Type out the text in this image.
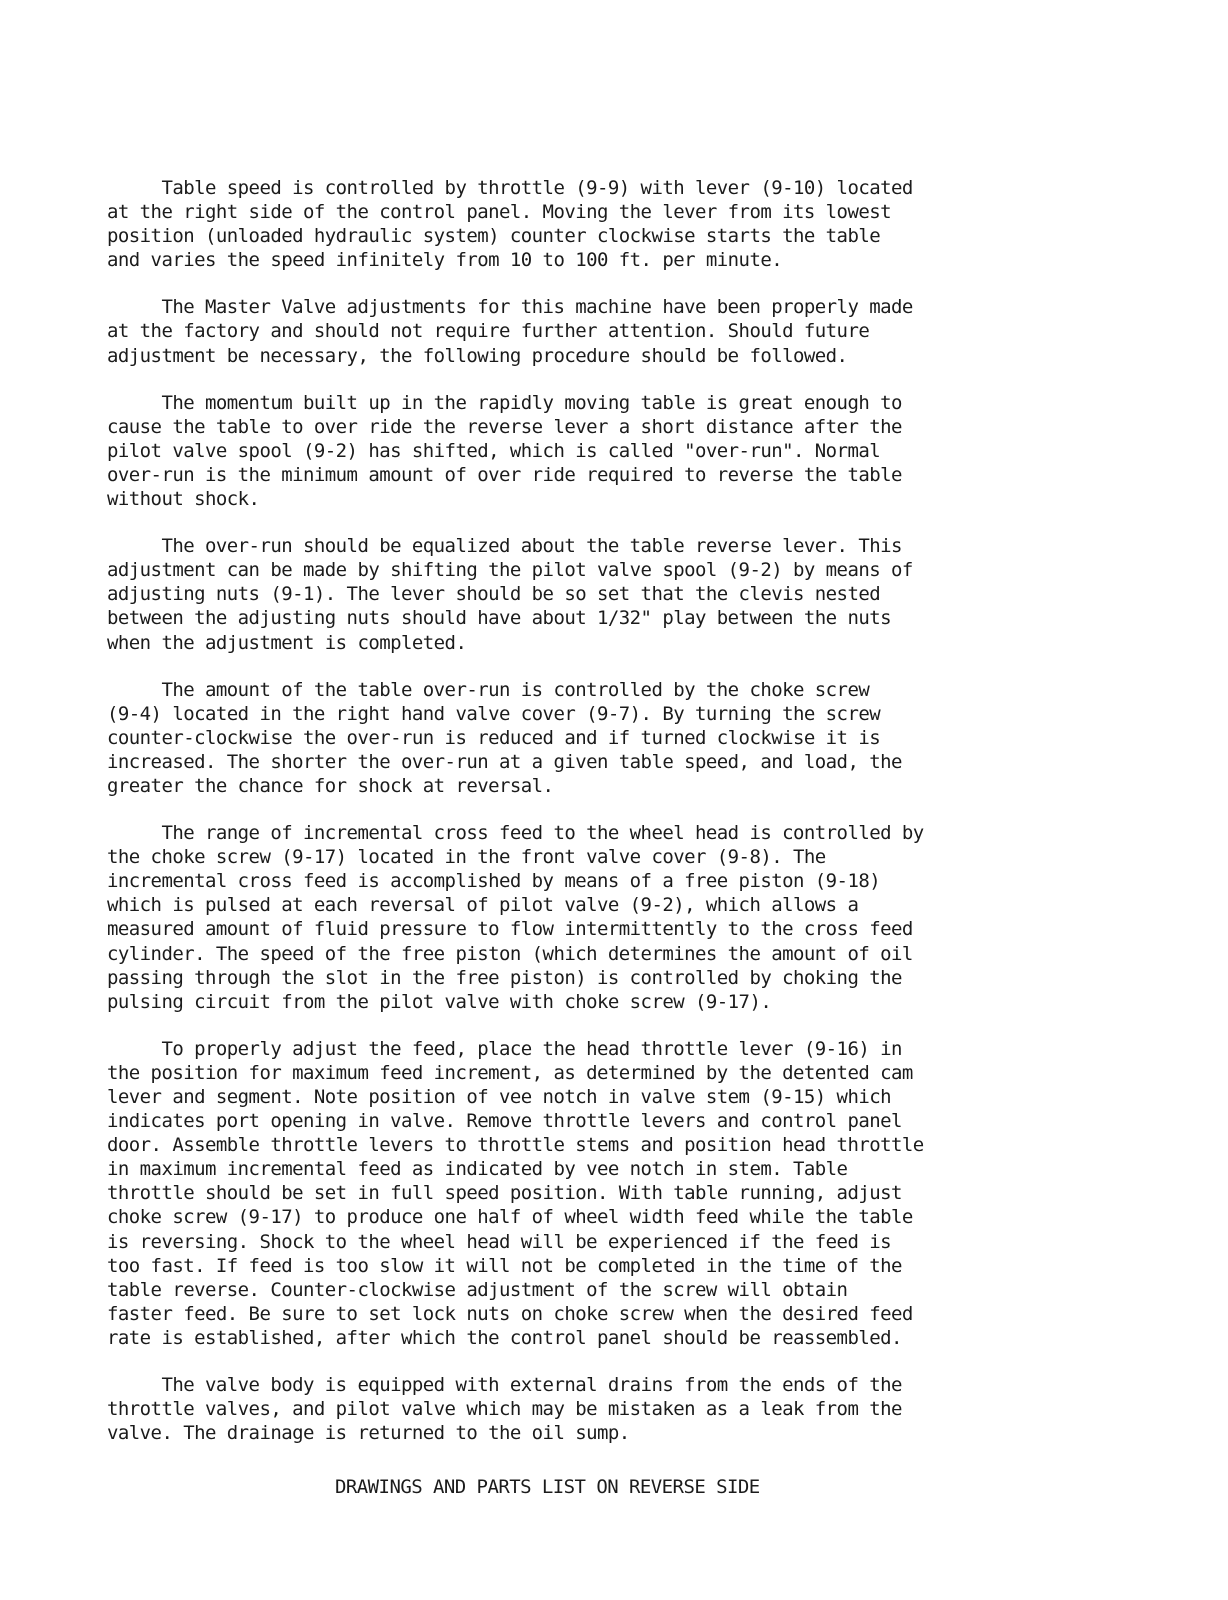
Table speed is controlled by throttle (9-9) with lever (9-10) located
at the right side of the control panel. Moving the lever from its lowest
position (unloaded hydraulic system) counter clockwise starts the table
and varies the speed infinitely from 10 to 100 ft. per minute.
The Master Valve adjustments for this machine have been properly made
at the factory and should not require further attention. Should future
adjustment be necessary, the following procedure should be followed.
The momentum built up in the rapidly moving table is great enough to
cause the table to over ride the reverse lever a short distance after the
pilot valve spool (9-2) has shifted, which is called "over-run". Normal
over-run is the minimum amount of over ride required to reverse the table
without shock.
The over-run should be equalized about the table reverse lever. This
adjustment can be made by shifting the pilot valve spool (9-2) by means of
adjusting nuts (9-1). The lever should be so set that the clevis nested
between the adjusting nuts should have about 1/32" play between the nuts
when the adjustment is completed.
The amount of the table over-run is controlled by the choke screw
(9-4) located in the right hand valve cover (9-7). By turning the screw
counter-clockwise the over-run is reduced and if turned clockwise it is
increased. The shorter the over-run at a given table speed, and load, the
greater the chance for shock at reversal.
The range of incremental cross feed to the wheel head is controlled by
the choke screw (9-17) located in the front valve cover (9-8). The
incremental cross feed is accomplished by means of a free piston (9-18)
which is pulsed at each reversal of pilot valve (9-2), which allows a
measured amount of fluid pressure to flow intermittently to the cross feed
cylinder. The speed of the free piston (which determines the amount of oil
passing through the slot in the free piston) is controlled by choking the
pulsing circuit from the pilot valve with choke screw (9-17).
To properly adjust the feed, place the head throttle lever (9-16) in
the position for maximum feed increment, as determined by the detented cam
lever and segment. Note position of vee notch in valve stem (9-15) which
indicates port opening in valve. Remove throttle levers and control panel
door. Assemble throttle levers to throttle stems and position head throttle
in maximum incremental feed as indicated by vee notch in stem. Table
throttle should be set in full speed position. With table running, adjust
choke screw (9-17) to produce one half of wheel width feed while the table
is reversing. Shock to the wheel head will be experienced if the feed is
too fast. If feed is too slow it will not be completed in the time of the
table reverse. Counter-clockwise adjustment of the screw will obtain
faster feed. Be sure to set lock nuts on choke screw when the desired feed
rate is established, after which the control panel should be reassembled.
The valve body is equipped with external drains from the ends of the
throttle valves, and pilot valve which may be mistaken as a leak from the
valve. The drainage is returned to the oil sump.
DRAWINGS AND PARTS LIST ON REVERSE SIDE
